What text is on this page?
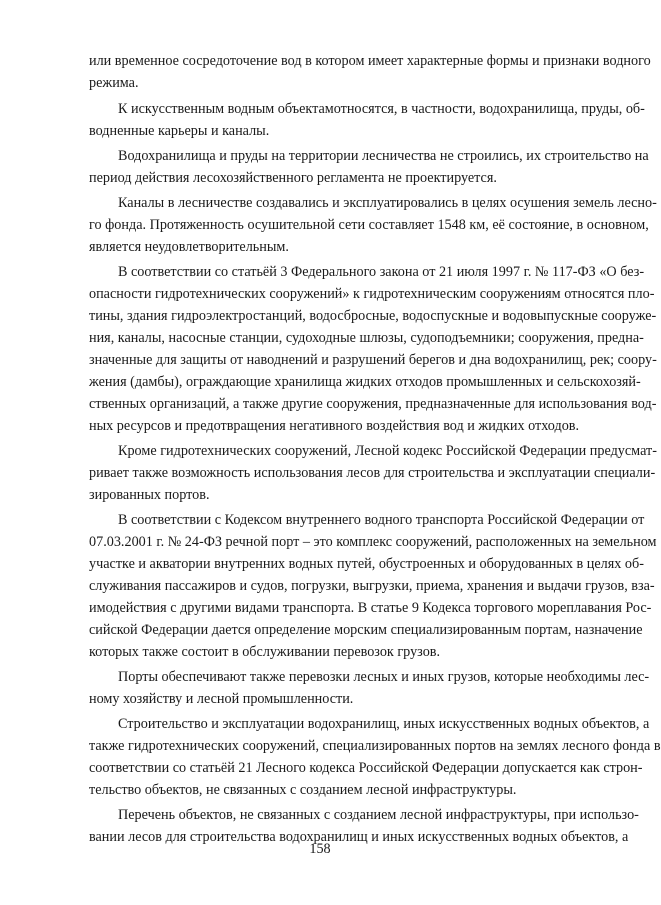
или временное сосредоточение вод в котором имеет характерные формы и признаки водного
режима.
К искусственным водным объектамотносятся, в частности, водохранилища, пруды, об-
водненные карьеры и каналы.
Водохранилища и пруды на территории лесничества не строились, их строительство на
период действия лесохозяйственного регламента не проектируется.
Каналы в лесничестве создавались и эксплуатировались в целях осушения земель лесно-
го фонда. Протяженность осушительной сети составляет 1548 км, её состояние, в основном,
является неудовлетворительным.
В соответствии со статьёй 3 Федерального закона от 21 июля 1997 г. № 117-ФЗ «О без-
опасности гидротехнических сооружений» к гидротехническим сооружениям относятся пло-
тины, здания гидроэлектростанций, водосбросные, водоспускные и водовыпускные сооруже-
ния, каналы, насосные станции, судоходные шлюзы, судоподъемники; сооружения, предна-
значенные для защиты от наводнений и разрушений берегов и дна водохранилищ, рек; соору-
жения (дамбы), ограждающие хранилища жидких отходов промышленных и сельскохозяй-
ственных организаций, а также другие сооружения, предназначенные для использования вод-
ных ресурсов и предотвращения негативного воздействия вод и жидких отходов.
Кроме гидротехнических сооружений, Лесной кодекс Российской Федерации предусмат-
ривает также возможность использования лесов для строительства и эксплуатации специали-
зированных портов.
В соответствии с Кодексом внутреннего водного транспорта Российской Федерации от
07.03.2001 г. № 24-ФЗ речной порт – это комплекс сооружений, расположенных на земельном
участке и акватории внутренних водных путей, обустроенных и оборудованных в целях об-
служивания пассажиров и судов, погрузки, выгрузки, приема, хранения и выдачи грузов, вза-
имодействия с другими видами транспорта. В статье 9 Кодекса торгового мореплавания Рос-
сийской Федерации дается определение морским специализированным портам, назначение
которых также состоит в обслуживании перевозок грузов.
Порты обеспечивают также перевозки лесных и иных грузов, которые необходимы лес-
ному хозяйству и лесной промышленности.
Строительство и эксплуатации водохранилищ, иных искусственных водных объектов, а
также гидротехнических сооружений, специализированных портов на землях лесного фонда в
соответствии со статьёй 21 Лесного кодекса Российской Федерации допускается как строн-
тельство объектов, не связанных с созданием лесной инфраструктуры.
Перечень объектов, не связанных с созданием лесной инфраструктуры, при использо-
вании лесов для строительства водохранилищ и иных искусственных водных объектов, а
158
